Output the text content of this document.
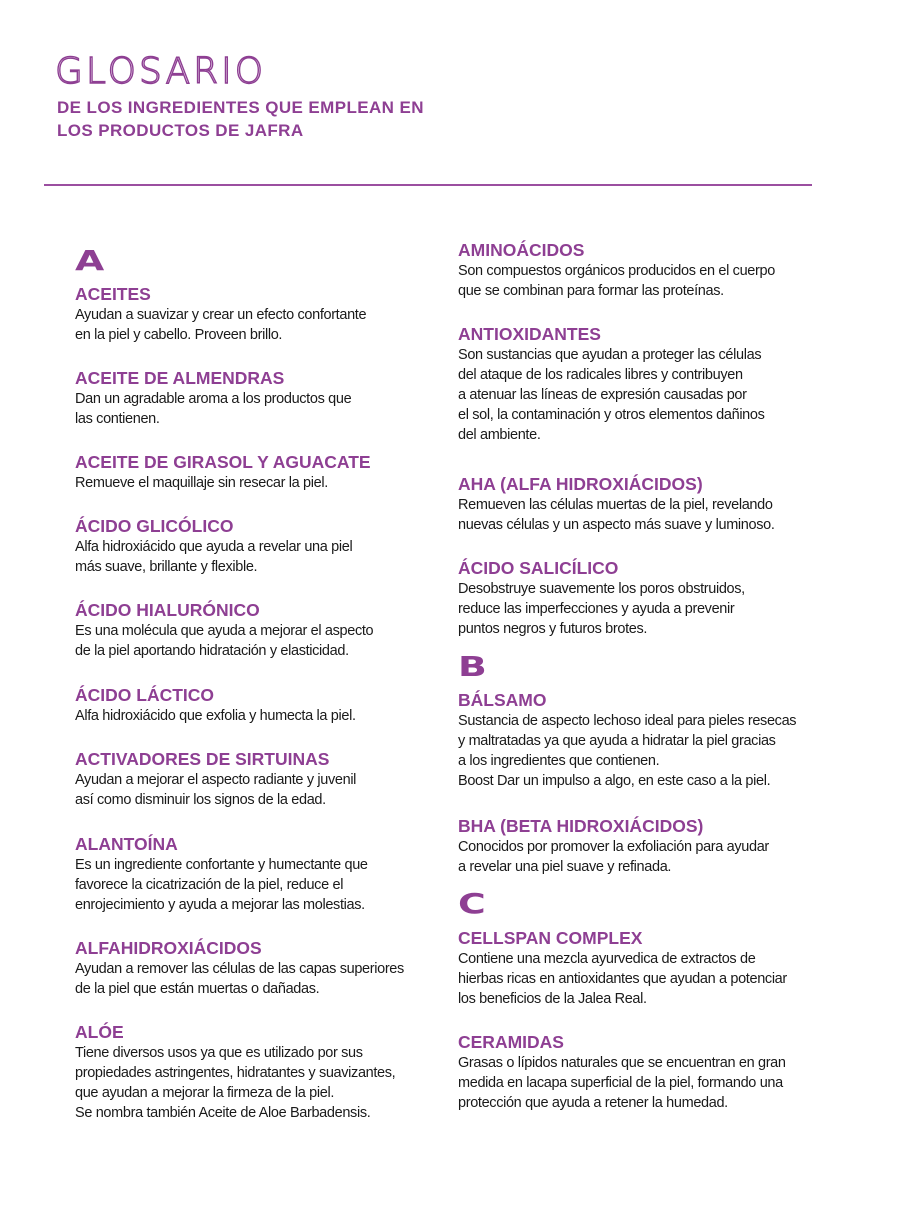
GLOSARIO
DE LOS INGREDIENTES QUE EMPLEAN EN
LOS PRODUCTOS DE JAFRA
A
B
C
ACEITES
Ayudan a suavizar y crear un efecto confortante
en la piel y cabello. Proveen brillo.
ACEITE DE ALMENDRAS
Dan un agradable aroma a los productos que
las contienen.
ACEITE DE GIRASOL Y AGUACATE
Remueve el maquillaje sin resecar la piel.
ÁCIDO GLICÓLICO
Alfa hidroxiácido que ayuda a revelar una piel
más suave, brillante y flexible.
ÁCIDO HIALURÓNICO
Es una molécula que ayuda a mejorar el aspecto
de la piel aportando hidratación y elasticidad.
ÁCIDO LÁCTICO
Alfa hidroxiácido que exfolia y humecta la piel.
ACTIVADORES DE SIRTUINAS
Ayudan a mejorar el aspecto radiante y juvenil
así como disminuir los signos de la edad.
ALANTOÍNA
Es un ingrediente confortante y humectante que
favorece la cicatrización de la piel, reduce el
enrojecimiento y ayuda a mejorar las molestias.
ALFAHIDROXIÁCIDOS
Ayudan a remover las células de las capas superiores
de la piel que están muertas o dañadas.
ALÓE
Tiene diversos usos ya que es utilizado por sus
propiedades astringentes, hidratantes y suavizantes,
que ayudan a mejorar la firmeza de la piel.
Se nombra también Aceite de Aloe Barbadensis.
AMINOÁCIDOS
Son compuestos orgánicos producidos en el cuerpo
que se combinan para formar las proteínas.
ANTIOXIDANTES
Son sustancias que ayudan a proteger las células
del ataque de los radicales libres y contribuyen
a atenuar las líneas de expresión causadas por
el sol, la contaminación y otros elementos dañinos
del ambiente.
AHA (ALFA HIDROXIÁCIDOS)
Remueven las células muertas de la piel, revelando
nuevas células y un aspecto más suave y luminoso.
ÁCIDO SALICÍLICO
Desobstruye suavemente los poros obstruidos,
reduce las imperfecciones y ayuda a prevenir
puntos negros y futuros brotes.
BÁLSAMO
Sustancia de aspecto lechoso ideal para pieles resecas
y maltratadas ya que ayuda a hidratar la piel gracias
a los ingredientes que contienen.
Boost Dar un impulso a algo, en este caso a la piel.
BHA (BETA HIDROXIÁCIDOS)
Conocidos por promover la exfoliación para ayudar
a revelar una piel suave y refinada.
CELLSPAN COMPLEX
Contiene una mezcla ayurvedica de extractos de
hierbas ricas en antioxidantes que ayudan a potenciar
los beneficios de la Jalea Real.
CERAMIDAS
Grasas o lípidos naturales que se encuentran en gran
medida en lacapa superficial de la piel, formando una
protección que ayuda a retener la humedad.
